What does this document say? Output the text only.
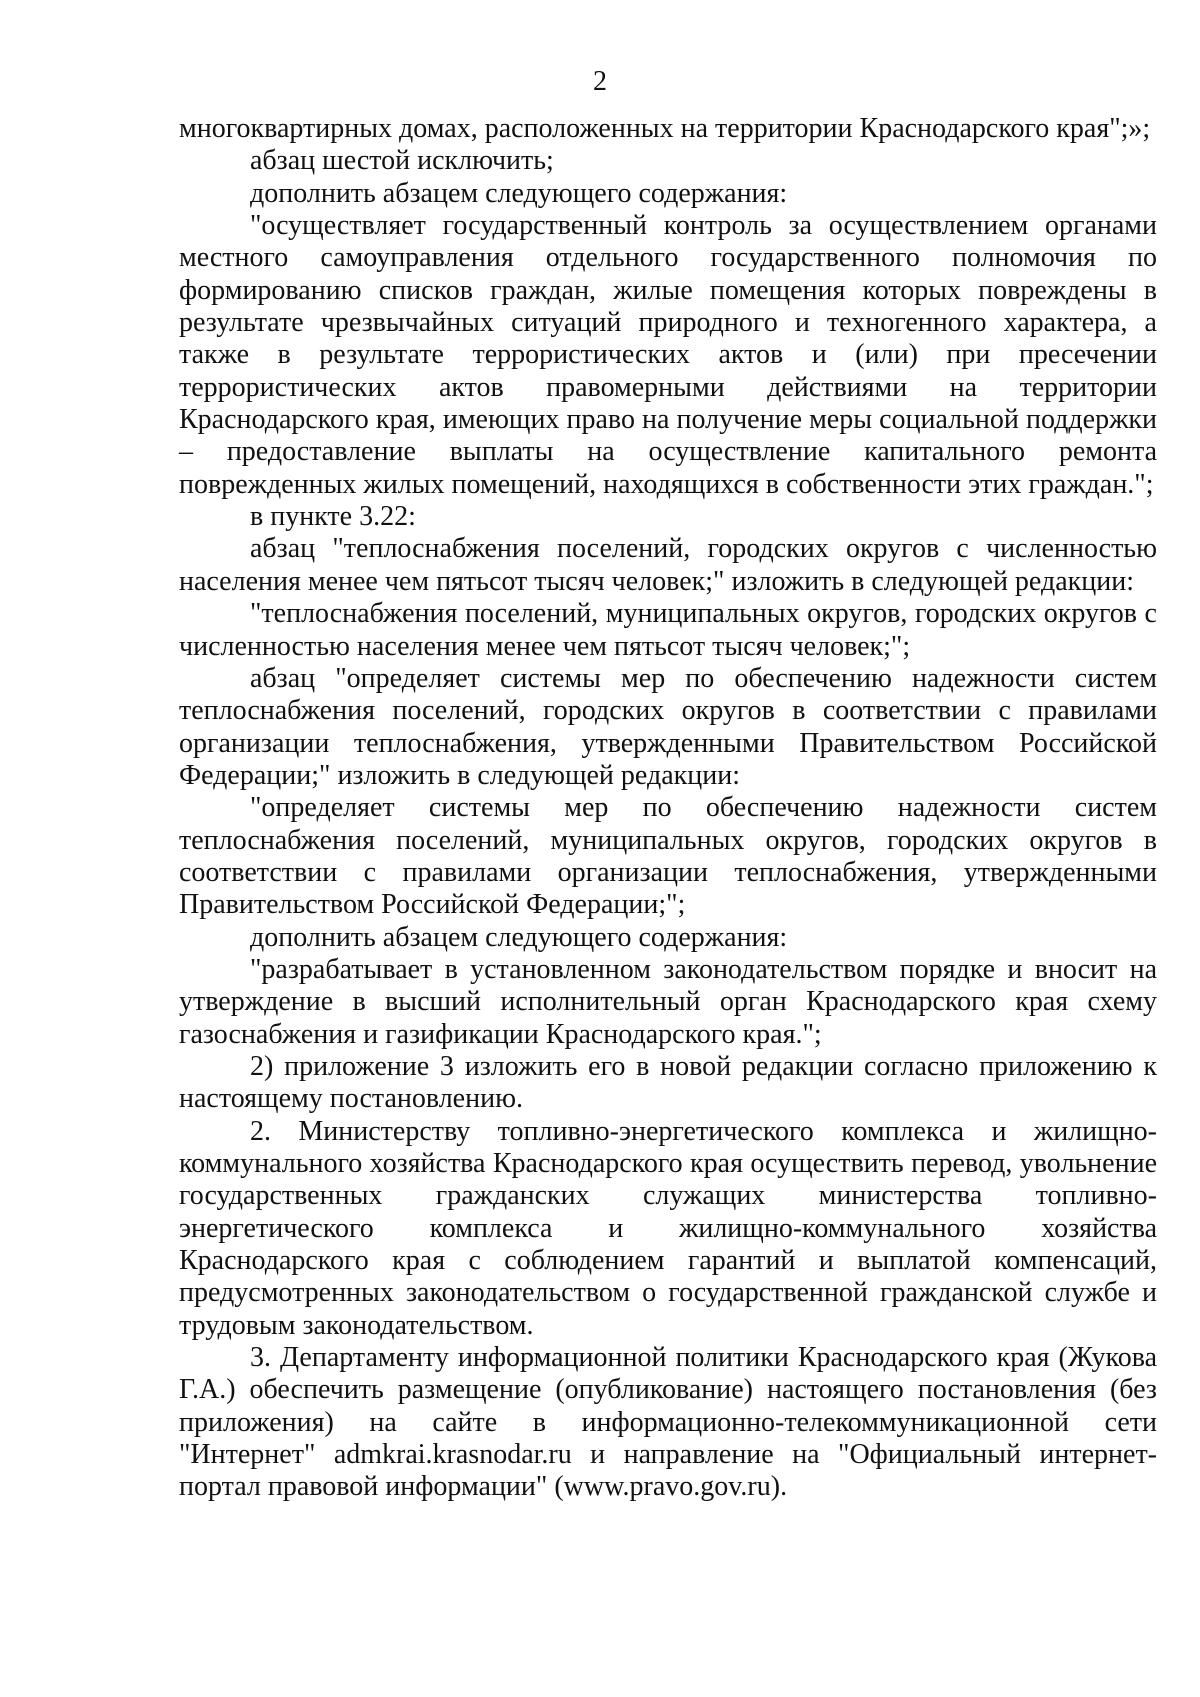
2

многоквартирных домах, расположенных на территории Краснодарского края";»;

абзац шестой исключить;

дополнить абзацем следующего содержания:

"осуществляет государственный контроль за осуществлением органами местного самоуправления отдельного государственного полномочия по формированию списков граждан, жилые помещения которых повреждены в результате чрезвычайных ситуаций природного и техногенного характера, а также в результате террористических актов и (или) при пресечении террористических актов правомерными действиями на территории Краснодарского края, имеющих право на получение меры социальной поддержки – предоставление выплаты на осуществление капитального ремонта поврежденных жилых помещений, находящихся в собственности этих граждан.";

в пункте 3.22:

абзац "теплоснабжения поселений, городских округов с численностью населения менее чем пятьсот тысяч человек;" изложить в следующей редакции:

"теплоснабжения поселений, муниципальных округов, городских округов с численностью населения менее чем пятьсот тысяч человек;";

абзац "определяет системы мер по обеспечению надежности систем теплоснабжения поселений, городских округов в соответствии с правилами организации теплоснабжения, утвержденными Правительством Российской Федерации;" изложить в следующей редакции:

"определяет системы мер по обеспечению надежности систем теплоснабжения поселений, муниципальных округов, городских округов в соответствии с правилами организации теплоснабжения, утвержденными Правительством Российской Федерации;";

дополнить абзацем следующего содержания:

"разрабатывает в установленном законодательством порядке и вносит на утверждение в высший исполнительный орган Краснодарского края схему газоснабжения и газификации Краснодарского края.";

2) приложение 3 изложить его в новой редакции согласно приложению к настоящему постановлению.

2. Министерству топливно-энергетического комплекса и жилищно-коммунального хозяйства Краснодарского края осуществить перевод, увольнение государственных гражданских служащих министерства топливно-энергетического комплекса и жилищно-коммунального хозяйства Краснодарского края с соблюдением гарантий и выплатой компенсаций, предусмотренных законодательством о государственной гражданской службе и трудовым законодательством.

3. Департаменту информационной политики Краснодарского края (Жукова Г.А.) обеспечить размещение (опубликование) настоящего постановления (без приложения) на сайте в информационно-телекоммуникационной сети "Интернет" admkrai.krasnodar.ru и направление на "Официальный интернет-портал правовой информации" (www.pravo.gov.ru).
